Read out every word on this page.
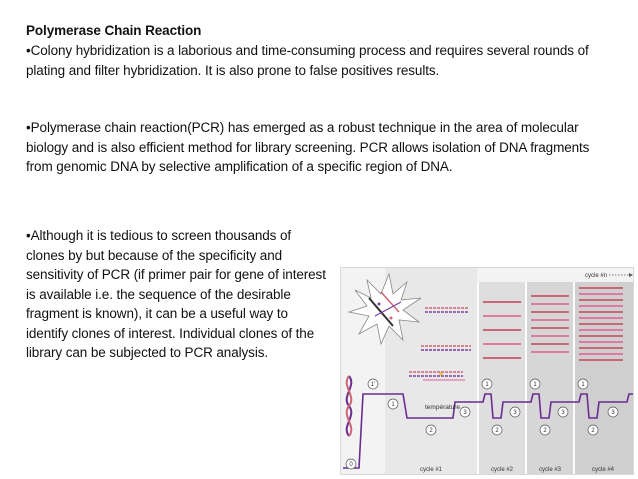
Polymerase Chain Reaction
•Colony hybridization is a laborious and time-consuming process and requires several rounds of plating and filter hybridization. It is also prone to false positives results.
•Polymerase chain reaction(PCR) has emerged as a robust technique in the area of molecular biology and is also efficient method for library screening. PCR allows isolation of DNA fragments from genomic DNA by selective amplification of a specific region of DNA.
•Although it is tedious to screen thousands of clones by but because of the specificity and sensitivity of PCR (if primer pair for gene of interest is available i.e. the sequence of the desirable fragment is known), it can be a useful way to identify clones of interest. Individual clones of the library can be subjected to PCR analysis.
cycle #n
température
0
1'
1
2
3
1
2
3
1
2
3
1
2
3
cycle #1	cycle #2	cycle #3	cycle #4
